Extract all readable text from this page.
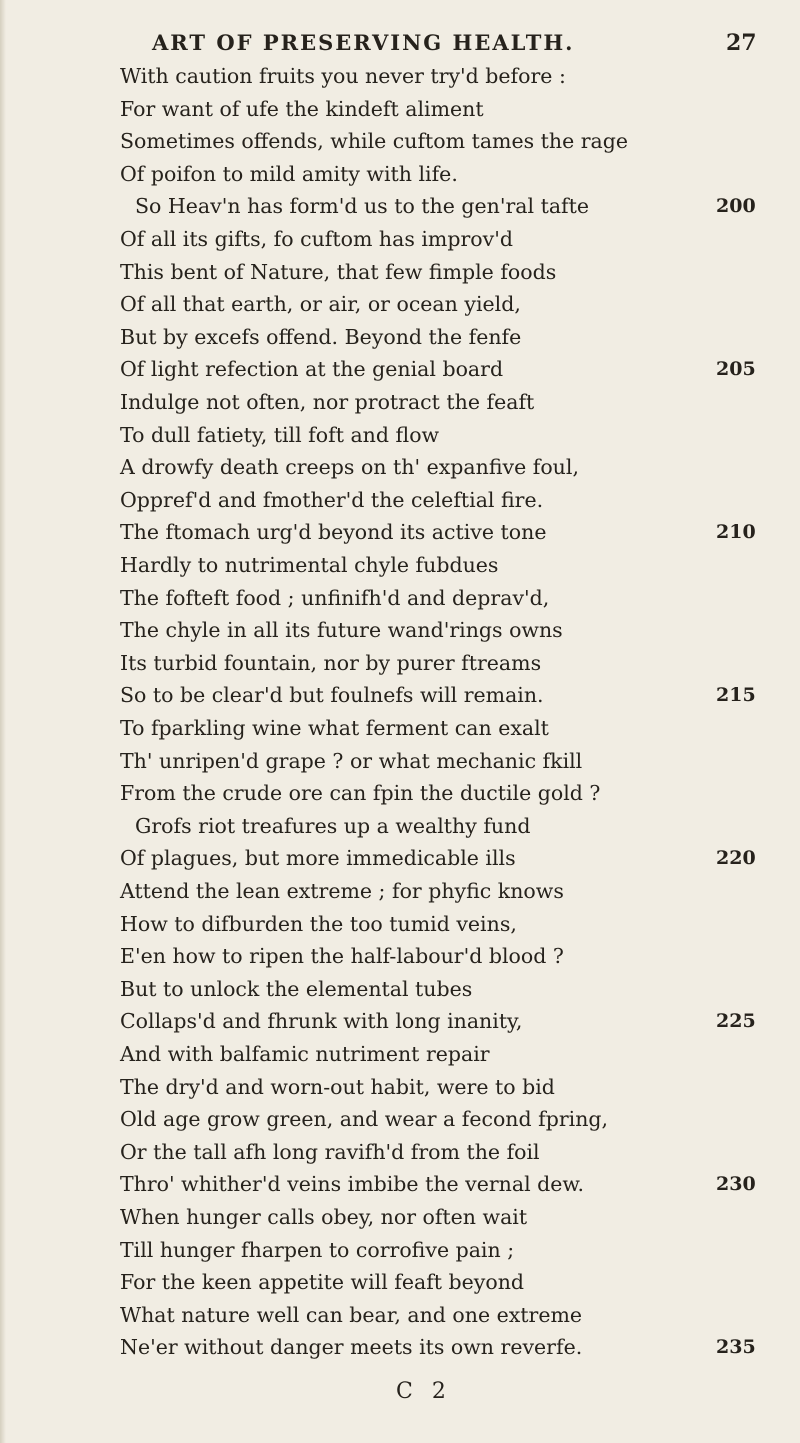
ART OF PRESERVING HEALTH.	27
With caution fruits you never try'd before :
For want of ufe the kindeft aliment
Sometimes offends, while cuftom tames the rage
Of poifon to mild amity with life.
So Heav'n has form'd us to the gen'ral tafte	200
Of all its gifts, fo cuftom has improv'd
This bent of Nature, that few fimple foods
Of all that earth, or air, or ocean yield,
But by excefs offend. Beyond the fenfe
Of light refection at the genial board	205
Indulge not often, nor protract the feaft
To dull fatiety, till foft and flow
A drowfy death creeps on th' expanfive foul,
Oppref'd and fmother'd the celeftial fire.
The ftomach urg'd beyond its active tone	210
Hardly to nutrimental chyle fubdues
The fofteft food ; unfinifh'd and deprav'd,
The chyle in all its future wand'rings owns
Its turbid fountain, nor by purer ftreams
So to be clear'd but foulnefs will remain.	215
To fparkling wine what ferment can exalt
Th' unripen'd grape ? or what mechanic fkill
From the crude ore can fpin the ductile gold ?
Grofs riot treafures up a wealthy fund
Of plagues, but more immedicable ills	220
Attend the lean extreme ; for phyfic knows
How to difburden the too tumid veins,
E'en how to ripen the half-labour'd blood ?
But to unlock the elemental tubes
Collaps'd and fhrunk with long inanity,	225
And with balfamic nutriment repair
The dry'd and worn-out habit, were to bid
Old age grow green, and wear a fecond fpring,
Or the tall afh long ravifh'd from the foil
Thro' whither'd veins imbibe the vernal dew.	230
When hunger calls obey, nor often wait
Till hunger fharpen to corrofive pain ;
For the keen appetite will feaft beyond
What nature well can bear, and one extreme
Ne'er without danger meets its own reverfe.	235
C 2
